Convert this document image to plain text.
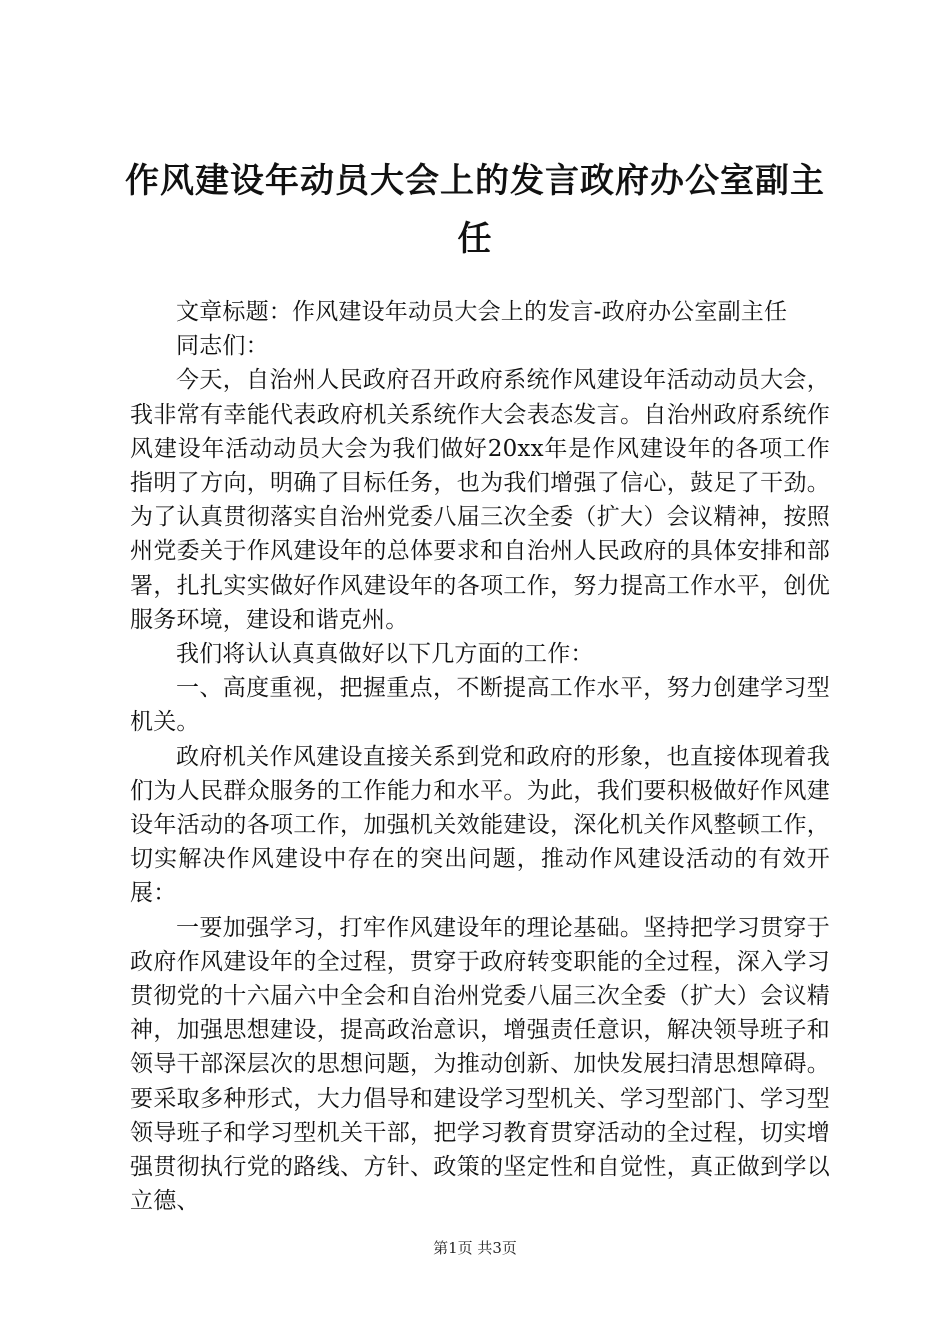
作风建设年动员大会上的发言政府办公室副主任

文章标题：作风建设年动员大会上的发言-政府办公室副主任

同志们：

今天，自治州人民政府召开政府系统作风建设年活动动员大会，我非常有幸能代表政府机关系统作大会表态发言。自治州政府系统作风建设年活动动员大会为我们做好20xx年是作风建设年的各项工作指明了方向，明确了目标任务，也为我们增强了信心，鼓足了干劲。为了认真贯彻落实自治州党委八届三次全委（扩大）会议精神，按照州党委关于作风建设年的总体要求和自治州人民政府的具体安排和部署，扎扎实实做好作风建设年的各项工作，努力提高工作水平，创优服务环境，建设和谐克州。

我们将认认真真做好以下几方面的工作：

一、高度重视，把握重点，不断提高工作水平，努力创建学习型机关。

政府机关作风建设直接关系到党和政府的形象，也直接体现着我们为人民群众服务的工作能力和水平。为此，我们要积极做好作风建设年活动的各项工作，加强机关效能建设，深化机关作风整顿工作，切实解决作风建设中存在的突出问题，推动作风建设活动的有效开展：

一要加强学习，打牢作风建设年的理论基础。坚持把学习贯穿于政府作风建设年的全过程，贯穿于政府转变职能的全过程，深入学习贯彻党的十六届六中全会和自治州党委八届三次全委（扩大）会议精神，加强思想建设，提高政治意识，增强责任意识，解决领导班子和领导干部深层次的思想问题，为推动创新、加快发展扫清思想障碍。要采取多种形式，大力倡导和建设学习型机关、学习型部门、学习型领导班子和学习型机关干部，把学习教育贯穿活动的全过程，切实增强贯彻执行党的路线、方针、政策的坚定性和自觉性，真正做到学以立德、

第1页 共3页
